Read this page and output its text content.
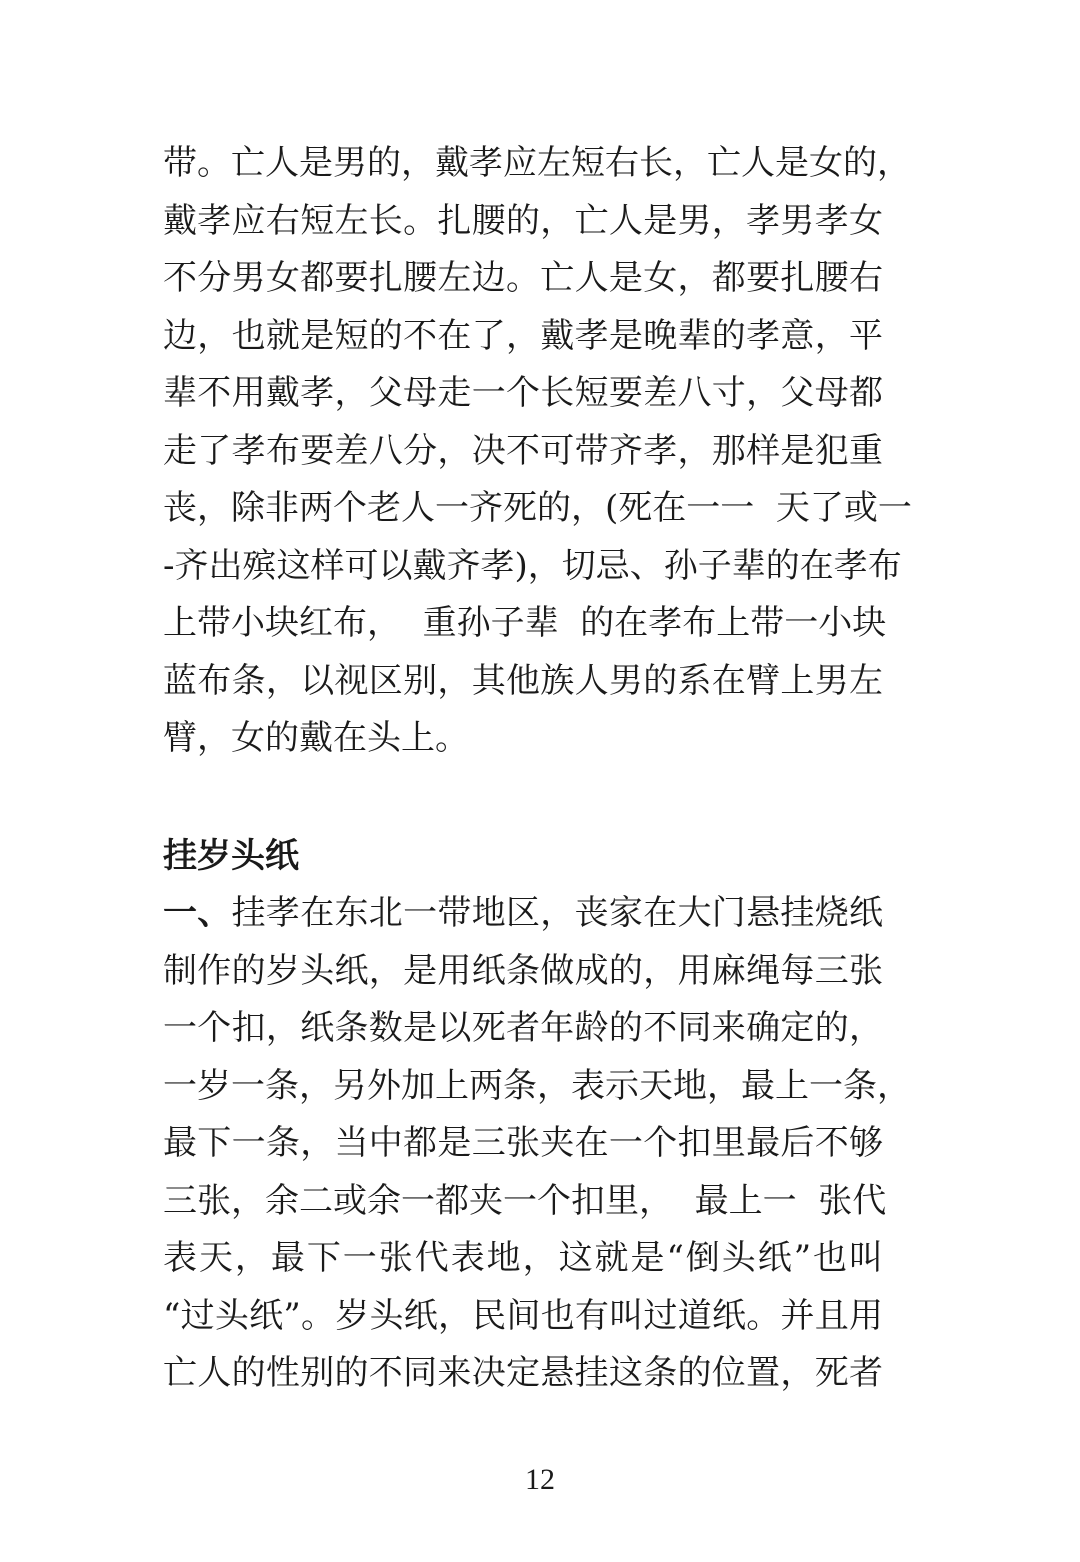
带。亡人是男的，戴孝应左短右长，亡人是女的，
戴孝应右短左长。扎腰的，亡人是男，孝男孝女
不分男女都要扎腰左边。亡人是女，都要扎腰右
边，也就是短的不在了，戴孝是晚辈的孝意，平
辈不用戴孝，父母走一个长短要差八寸，父母都
走了孝布要差八分，决不可带齐孝，那样是犯重
丧，除非两个老人一齐死的，(死在一一  天了或一
-齐出殡这样可以戴齐孝)，切忌、孙子辈的在孝布
上带小块红布，  重孙子辈  的在孝布上带一小块
蓝布条，以视区别，其他族人男的系在臂上男左
臂，女的戴在头上。
挂岁头纸
一、挂孝在东北一带地区，丧家在大门悬挂烧纸
制作的岁头纸，是用纸条做成的，用麻绳每三张
一个扣，纸条数是以死者年龄的不同来确定的，
一岁一条，另外加上两条，表示天地，最上一条，
最下一条，当中都是三张夹在一个扣里最后不够
三张，余二或余一都夹一个扣里，  最上一  张代
表天，最下一张代表地，这就是“倒头纸”也叫
“过头纸”。岁头纸，民间也有叫过道纸。并且用
亡人的性别的不同来决定悬挂这条的位置，死者
12
